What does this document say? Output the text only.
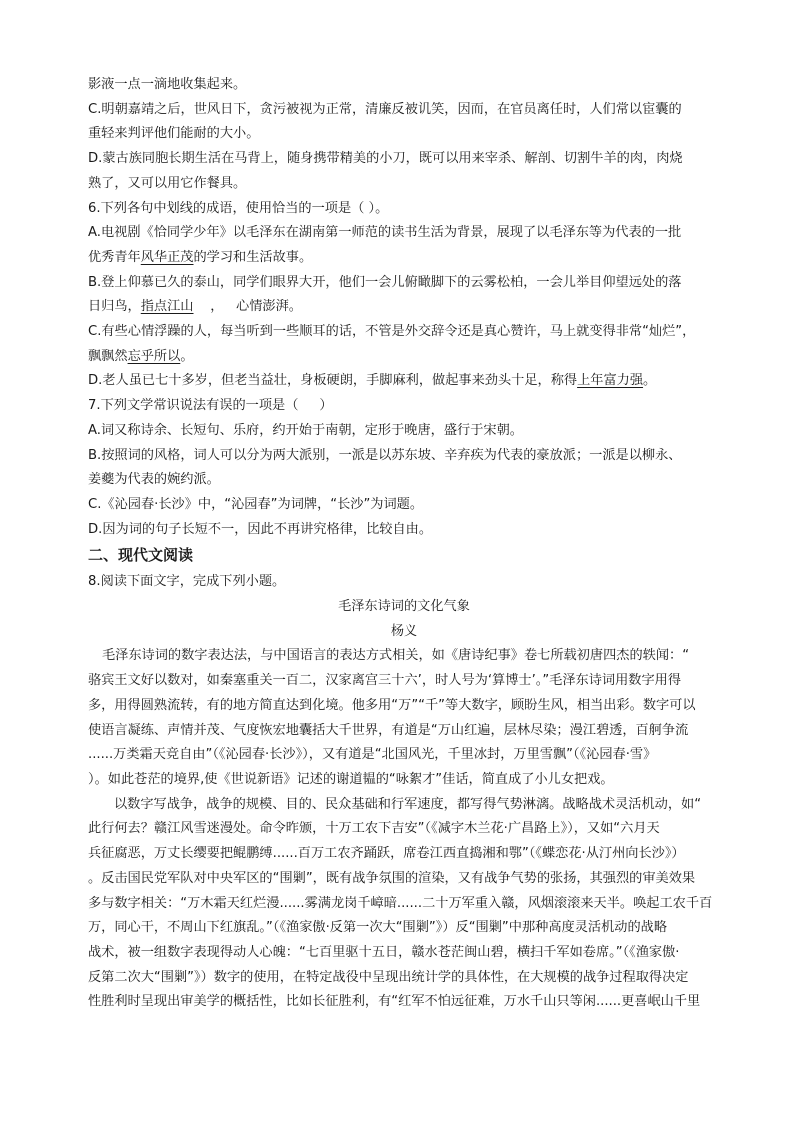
影液一点一滴地收集起来。
C.明朝嘉靖之后，世风日下，贪污被视为正常，清廉反被讥笑，因而，在官员离任时，人们常以宦囊的
重轻来判评他们能耐的大小。
D.蒙古族同胞长期生活在马背上，随身携带精美的小刀，既可以用来宰杀、解剖、切割牛羊的肉，肉烧
熟了，又可以用它作餐具。
6.下列各句中划线的成语，使用恰当的一项是（ ）。
A.电视剧《恰同学少年》以毛泽东在湖南第一师范的读书生活为背景，展现了以毛泽东等为代表的一批
优秀青年风华正茂的学习和生活故事。
B.登上仰慕已久的泰山，同学们眼界大开，他们一会儿俯瞰脚下的云雾松柏，一会儿举目仰望远处的落
日归鸟，指点江山    ，   心情澎湃。
C.有些心情浮躁的人，每当听到一些顺耳的话，不管是外交辞令还是真心赞许，马上就变得非常“灿烂”，
飘飘然忘乎所以。
D.老人虽已七十多岁，但老当益壮，身板硬朗，手脚麻利，做起事来劲头十足，称得上年富力强。
7.下列文学常识说法有误的一项是（     ）
A.词又称诗余、长短句、乐府，约开始于南朝，定形于晚唐，盛行于宋朝。
B.按照词的风格，词人可以分为两大派别，一派是以苏东坡、辛弃疾为代表的豪放派；一派是以柳永、
姜夔为代表的婉约派。
C.《沁园春·长沙》中，“沁园春”为词牌，“长沙”为词题。
D.因为词的句子长短不一，因此不再讲究格律，比较自由。
二、现代文阅读
8.阅读下面文字，完成下列小题。
毛泽东诗词的文化气象
杨义
毛泽东诗词的数字表达法，与中国语言的表达方式相关，如《唐诗纪事》卷七所载初唐四杰的轶闻：“
骆宾王文好以数对，如秦塞重关一百二，汉家离宫三十六’，时人号为‘算博士’。”毛泽东诗词用数字用得
多，用得圆熟流转，有的地方简直达到化境。他多用“万”“千”等大数字，顾盼生风，相当出彩。数字可以
使语言凝练、声情并茂、气度恢宏地囊括大千世界，有道是“万山红遍，层林尽染；漫江碧透，百舸争流
......万类霜天竞自由”（《沁园春·长沙》），又有道是“北国风光，千里冰封，万里雪飘”（《沁园春·雪》
）。如此苍茫的境界,使《世说新语》记述的谢道韫的“咏絮才”佳话，简直成了小儿女把戏。
以数字写战争，战争的规模、目的、民众基础和行军速度，都写得气势淋漓。战略战术灵活机动，如“
此行何去？赣江风雪迷漫处。命令昨颁，十万工农下吉安”（《减字木兰花·广昌路上》），又如“六月天
兵征腐恶，万丈长缨要把鲲鹏缚......百万工农齐踊跃，席卷江西直捣湘和鄂”（《蝶恋花·从汀州向长沙》）
。反击国民党军队对中央军区的“围剿”，既有战争氛围的渲染，又有战争气势的张扬，其强烈的审美效果
多与数字相关：“万木霜天红烂漫......雾满龙岗千嶂暗......二十万军重入赣，风烟滚滚来天半。唤起工农千百
万，同心干，不周山下红旗乱。”（《渔家傲·反第一次大“围剿”》）反“围剿”中那种高度灵活机动的战略
战术，被一组数字表现得动人心魄：“七百里驱十五日，赣水苍茫闽山碧，横扫千军如卷席。”（《渔家傲·
反第二次大“围剿”》）数字的使用，在特定战役中呈现出统计学的具体性，在大规模的战争过程取得决定
性胜利时呈现出审美学的概括性，比如长征胜利，有“红军不怕远征难，万水千山只等闲......更喜岷山千里
